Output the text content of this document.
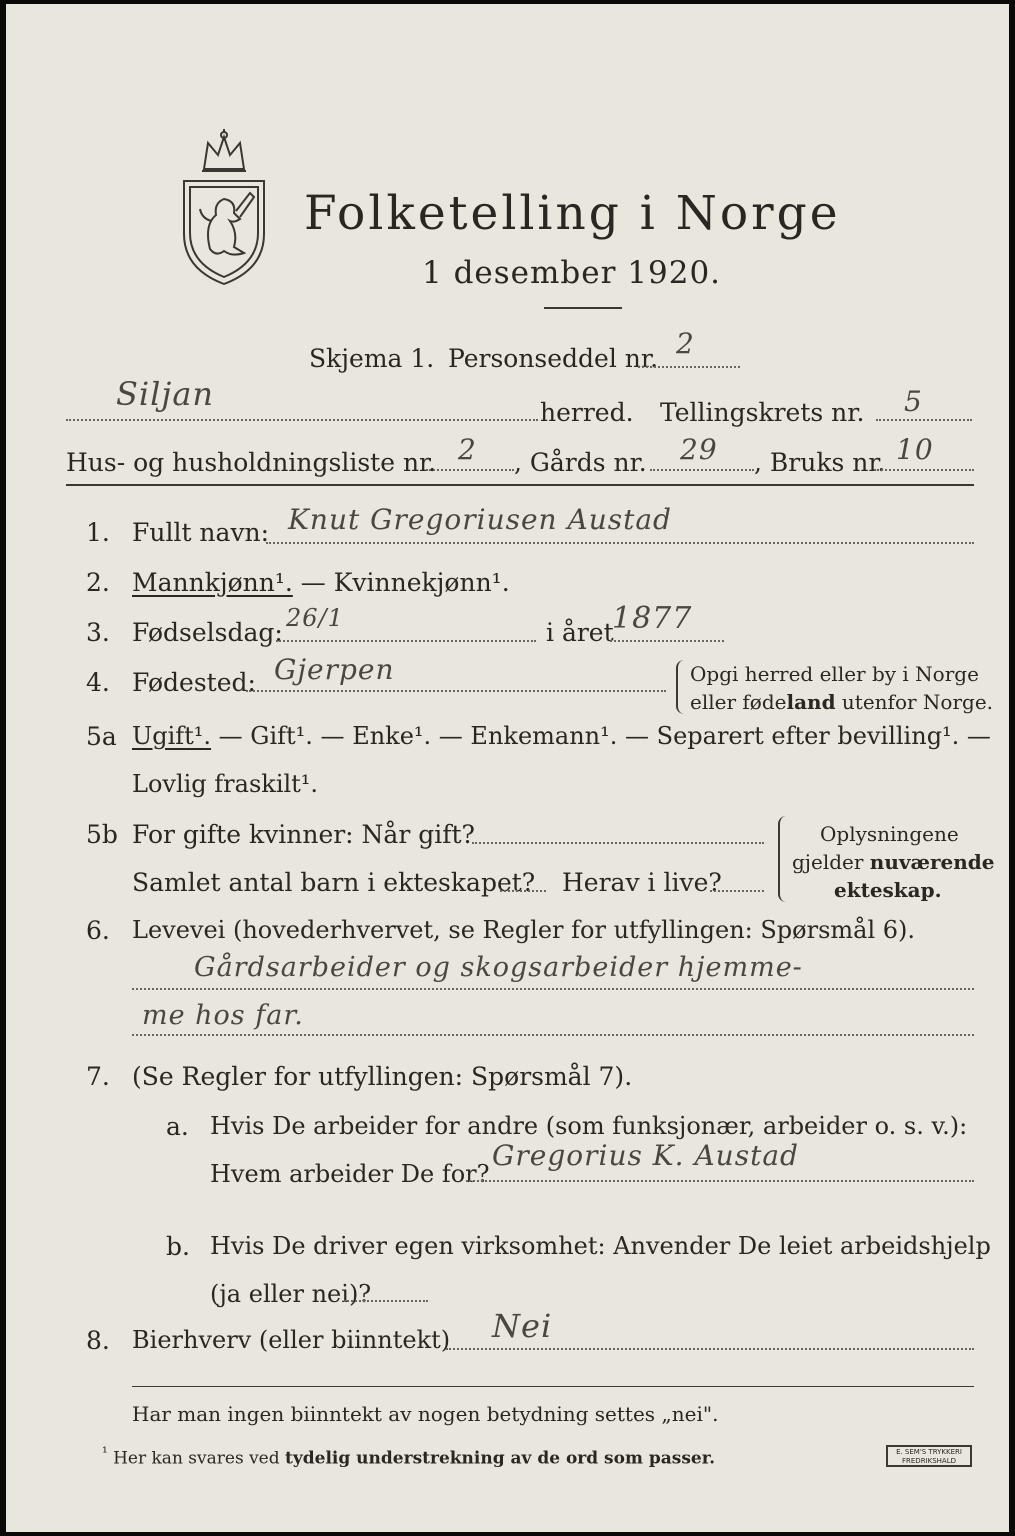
Folketelling i Norge
1 desember 1920.
Skjema 1. Personseddel nr. 2
Siljan	herred. Tellingskrets nr. 5
Hus- og husholdningsliste nr. 2 , Gårds nr. 29 , Bruks nr. 10
1. Fullt navn: Knut Gregoriusen Austad
2. Mannkjønn¹. — Kvinnekjønn¹.
3. Fødselsdag: 26/1	i året
1877
4. Fødested: Gjerpen	Opgi herred eller by i Norge
eller fødeland utenfor Norge.
5a Ugift¹. — Gift¹. — Enke¹. — Enkemann¹. — Separert efter bevilling¹. —
Lovlig fraskilt¹.
5b For gifte kvinner: Når gift?
Samlet antal barn i ekteskapet? Herav i live?
Oplysningene
gjelder nuværende
ekteskap.
6. Levevei (hovederhvervet, se Regler for utfyllingen: Spørsmål 6).
Gårdsarbeider og skogsarbeider hjemme-
me hos far.
7. (Se Regler for utfyllingen: Spørsmål 7).
a. Hvis De arbeider for andre (som funksjonær, arbeider o. s. v.):
Hvem arbeider De for?
Gregorius K. Austad
b. Hvis De driver egen virksomhet: Anvender De leiet arbeidshjelp
(ja eller nei)?
8. Bierhverv (eller biinntekt) Nei
Har man ingen biinntekt av nogen betydning settes „nei".
$^{^1}$ Her kan svares ved tydelig understrekning av de ord som passer.	E. SEM'S TRYKKERI FREDRIKSHALD
